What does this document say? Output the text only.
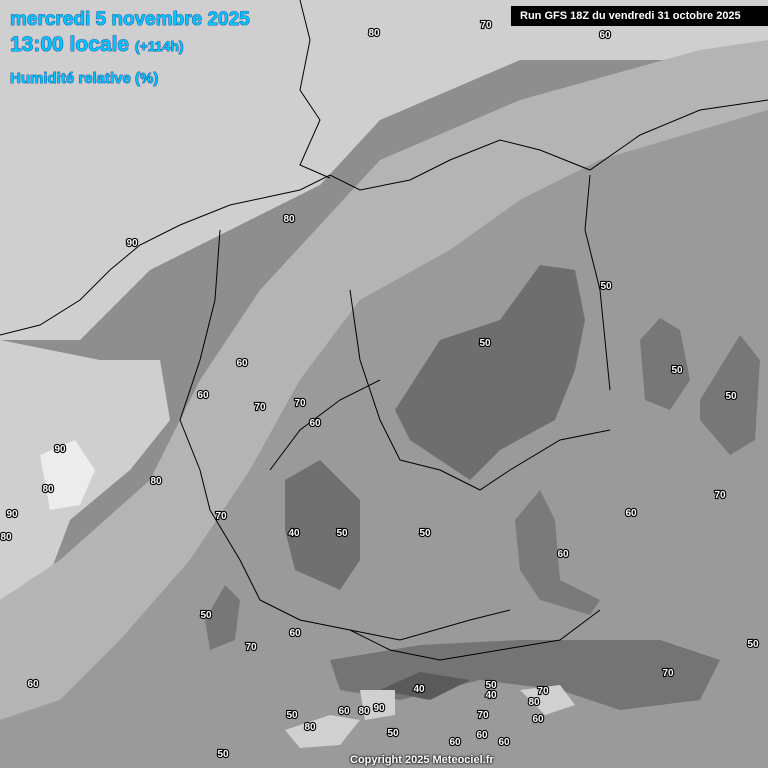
80
70
60
80
90
60
60
70	70
60
50
50
50
50
90
80
90
80
80
70
40	50	50
60
70
60
50
60
70	50
60
70
50
80
60 80 90
40	50
40	70
80
70	60
50
60
60
60
50
mercredi 5 novembre 2025
13:00 locale (+114h)
Humidité relative (%)
Run GFS 18Z du vendredi 31 octobre 2025
Copyright 2025 Meteociel.fr
